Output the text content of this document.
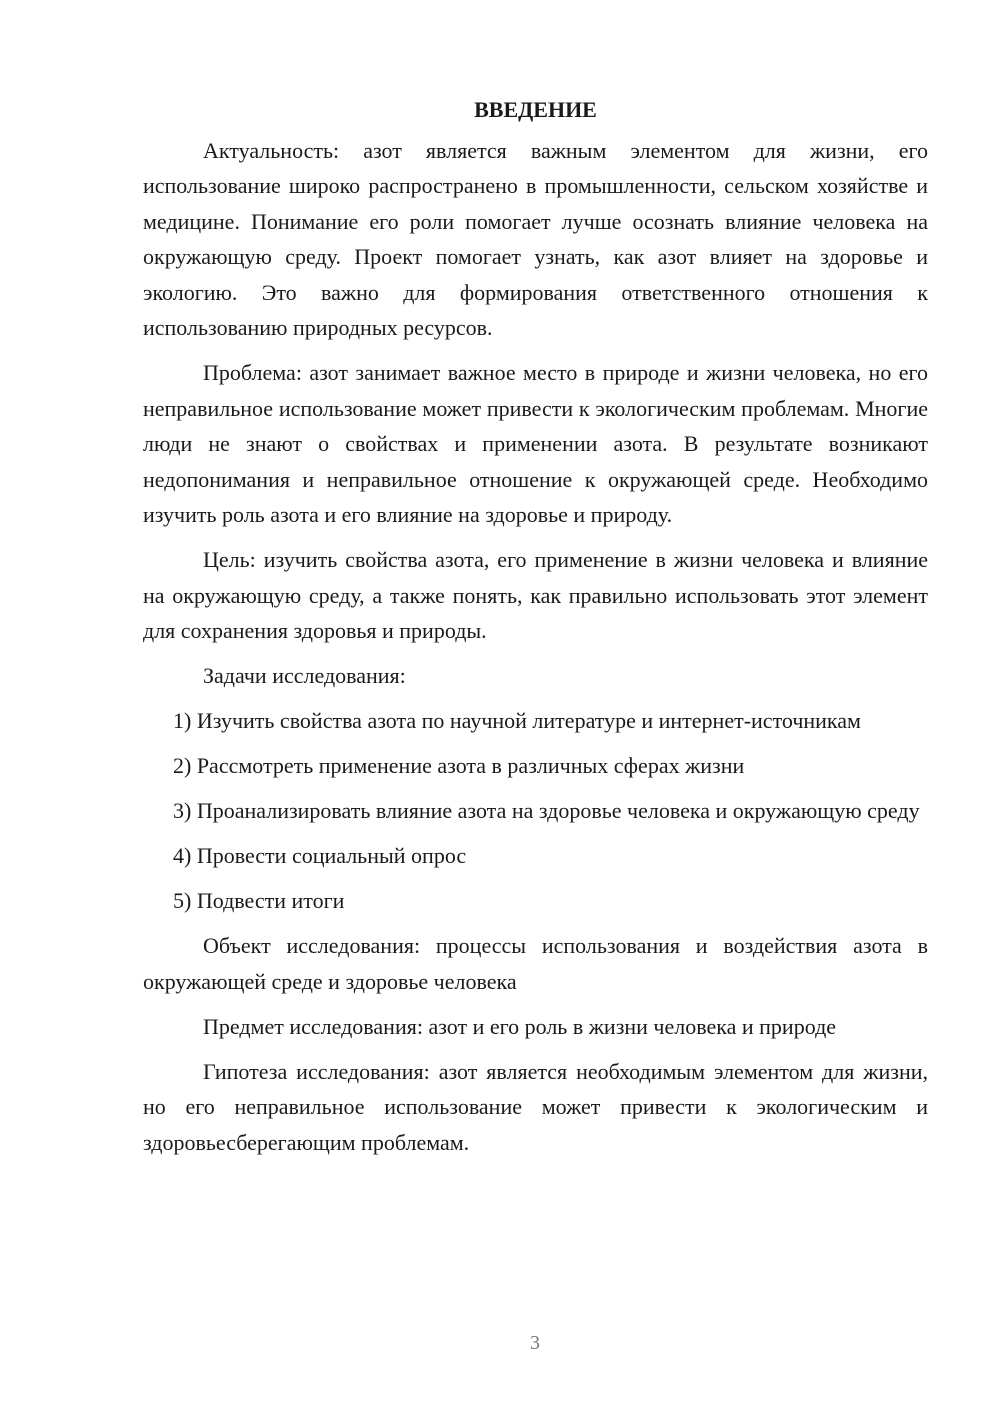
ВВЕДЕНИЕ

Актуальность: азот является важным элементом для жизни, его использование широко распространено в промышленности, сельском хозяйстве и медицине. Понимание его роли помогает лучше осознать влияние человека на окружающую среду. Проект помогает узнать, как азот влияет на здоровье и экологию. Это важно для формирования ответственного отношения к использованию природных ресурсов.

Проблема: азот занимает важное место в природе и жизни человека, но его неправильное использование может привести к экологическим проблемам. Многие люди не знают о свойствах и применении азота. В результате возникают недопонимания и неправильное отношение к окружающей среде. Необходимо изучить роль азота и его влияние на здоровье и природу.

Цель: изучить свойства азота, его применение в жизни человека и влияние на окружающую среду, а также понять, как правильно использовать этот элемент для сохранения здоровья и природы.

Задачи исследования:

1) Изучить свойства азота по научной литературе и интернет-источникам

2) Рассмотреть применение азота в различных сферах жизни

3) Проанализировать влияние азота на здоровье человека и окружающую среду

4) Провести социальный опрос

5) Подвести итоги

Объект исследования: процессы использования и воздействия азота в окружающей среде и здоровье человека

Предмет исследования: азот и его роль в жизни человека и природе

Гипотеза исследования: азот является необходимым элементом для жизни, но его неправильное использование может привести к экологическим и здоровьесберегающим проблемам.

3
